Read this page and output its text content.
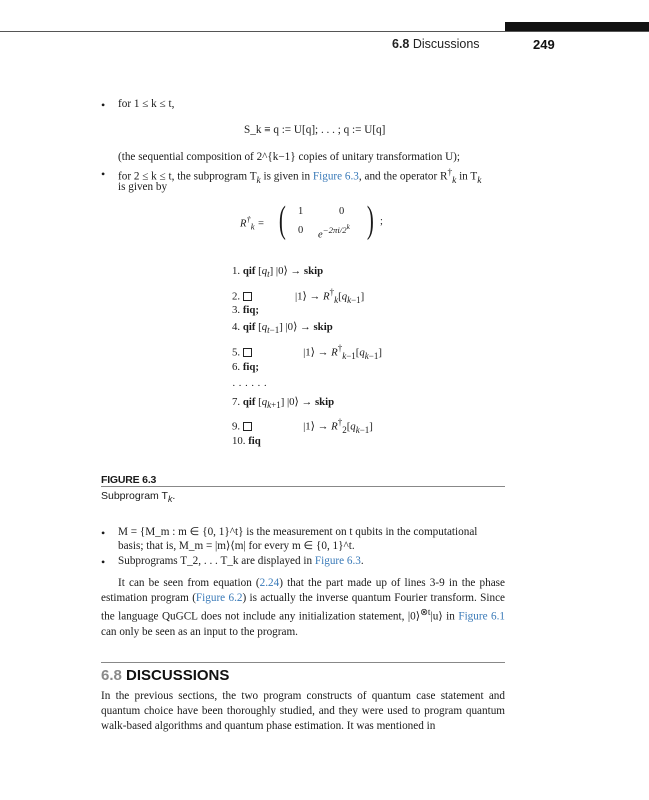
6.8 Discussions	249
• for 1 ≤ k ≤ t,
S_k ≡ q := U[q]; . . . ; q := U[q]
(the sequential composition of 2^{k−1} copies of unitary transformation U);
• for 2 ≤ k ≤ t, the subprogram $T_k$ is given in Figure 6.3, and the operator $R^\dagger_k$ in $T_k$
is given by
$R^\dagger_k$ = ( 1	0
0 $e^{-2\pi i/2^k}$ ) ;
1. qif $[q_t]$ |0⟩ → skip
2.                 |1⟩ → $R^\dagger_k[q_{k-1}]$
3. fiq;
4. qif $[q_{t-1}]$ |0⟩ → skip
5.                    |1⟩ → $R^\dagger_{k-1}[q_{k-1}]$
6. fiq;
· · · · · ·
7. qif $[q_{k+1}]$ |0⟩ → skip
9.                    |1⟩ → $R^\dagger_2[q_{k-1}]$
10. fiq
FIGURE 6.3
Subprogram $T_k$.
• M = {M_m : m ∈ {0, 1}^t} is the measurement on t qubits in the computational
basis; that is, M_m = |m⟩⟨m| for every m ∈ {0, 1}^t.
• Subprograms T_2, . . . T_k are displayed in Figure 6.3.
It can be seen from equation (2.24) that the part made up of lines 3-9 in the phase estimation program (Figure 6.2) is actually the inverse quantum Fourier transform. Since the language QuGCL does not include any initialization statement, |0⟩$^{\otimes t}$|u⟩ in Figure 6.1 can only be seen as an input to the program.
6.8 DISCUSSIONS
In the previous sections, the two program constructs of quantum case statement and quantum choice have been thoroughly studied, and they were used to program quantum walk-based algorithms and quantum phase estimation. It was mentioned in
